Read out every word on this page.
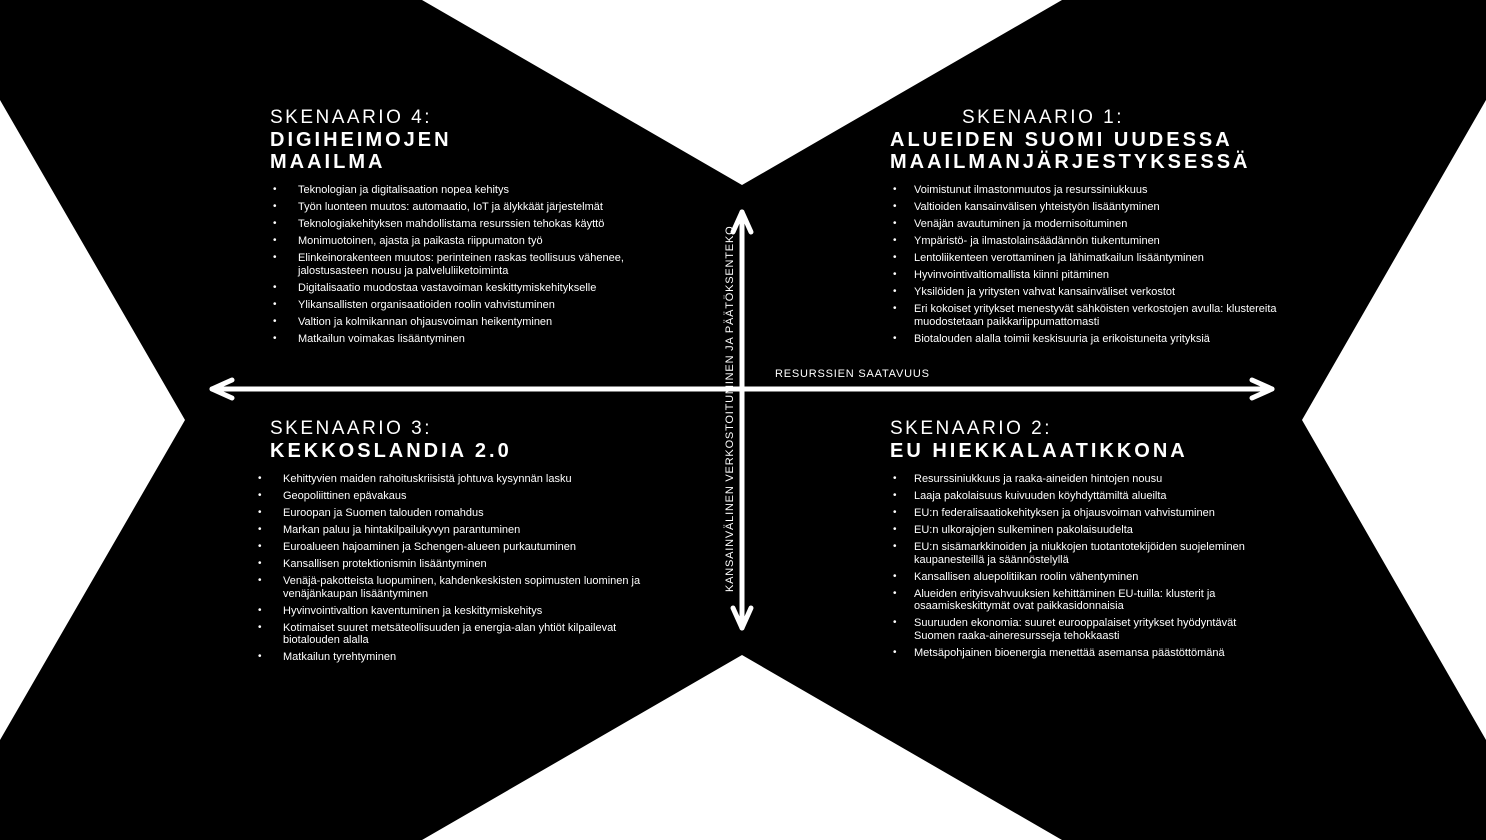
RESURSSIEN SAATAVUUS
KANSAINVÄLINEN VERKOSTOITUMINEN JA PÄÄTÖKSENTEKO
SKENAARIO 4:
DIGIHEIMOJEN
MAAILMA
• Teknologian ja digitalisaation nopea kehitys
• Työn luonteen muutos: automaatio, IoT ja älykkäät järjestelmät
• Teknologiakehityksen mahdollistama resurssien tehokas käyttö
• Monimuotoinen, ajasta ja paikasta riippumaton työ
• Elinkeinorakenteen muutos: perinteinen raskas teollisuus vähenee, jalostusasteen nousu ja palveluliiketoiminta
• Digitalisaatio muodostaa vastavoiman keskittymiskehitykselle
• Ylikansallisten organisaatioiden roolin vahvistuminen
• Valtion ja kolmikannan ohjausvoiman heikentyminen
• Matkailun voimakas lisääntyminen
SKENAARIO 1:
ALUEIDEN SUOMI UUDESSA
MAAILMANJÄRJESTYKSESSÄ
• Voimistunut ilmastonmuutos ja resurssiniukkuus
• Valtioiden kansainvälisen yhteistyön lisääntyminen
• Venäjän avautuminen ja modernisoituminen
• Ympäristö- ja ilmastolainsäädännön tiukentuminen
• Lentoliikenteen verottaminen ja lähimatkailun lisääntyminen
• Hyvinvointivaltiomallista kiinni pitäminen
• Yksilöiden ja yritysten vahvat kansainväliset verkostot
• Eri kokoiset yritykset menestyvät sähköisten verkostojen avulla: klustereita muodostetaan paikkariippumattomasti
• Biotalouden alalla toimii keskisuuria ja erikoistuneita yrityksiä
SKENAARIO 3:
KEKKOSLANDIA 2.0
• Kehittyvien maiden rahoituskriisistä johtuva kysynnän lasku
• Geopoliittinen epävakaus
• Euroopan ja Suomen talouden romahdus
• Markan paluu ja hintakilpailukyvyn parantuminen
• Euroalueen hajoaminen ja Schengen-alueen purkautuminen
• Kansallisen protektionismin lisääntyminen
• Venäjä-pakotteista luopuminen, kahdenkeskisten sopimusten luominen ja venäjänkaupan lisääntyminen
• Hyvinvointivaltion kaventuminen ja keskittymiskehitys
• Kotimaiset suuret metsäteollisuuden ja energia-alan yhtiöt kilpailevat biotalouden alalla
• Matkailun tyrehtyminen
SKENAARIO 2:
EU HIEKKALAATIKKONA
• Resurssiniukkuus ja raaka-aineiden hintojen nousu
• Laaja pakolaisuus kuivuuden köyhdyttämiltä alueilta
• EU:n federalisaatiokehityksen ja ohjausvoiman vahvistuminen
• EU:n ulkorajojen sulkeminen pakolaisuudelta
• EU:n sisämarkkinoiden ja niukkojen tuotantotekijöiden suojeleminen kaupanesteillä ja säännöstelyllä
• Kansallisen aluepolitiikan roolin vähentyminen
• Alueiden erityisvahvuuksien kehittäminen EU-tuilla: klusterit ja osaamiskeskittymät ovat paikkasidonnaisia
• Suuruuden ekonomia: suuret eurooppalaiset yritykset hyödyntävät Suomen raaka-aineresursseja tehokkaasti
• Metsäpohjainen bioenergia menettää asemansa päästöttömänä
